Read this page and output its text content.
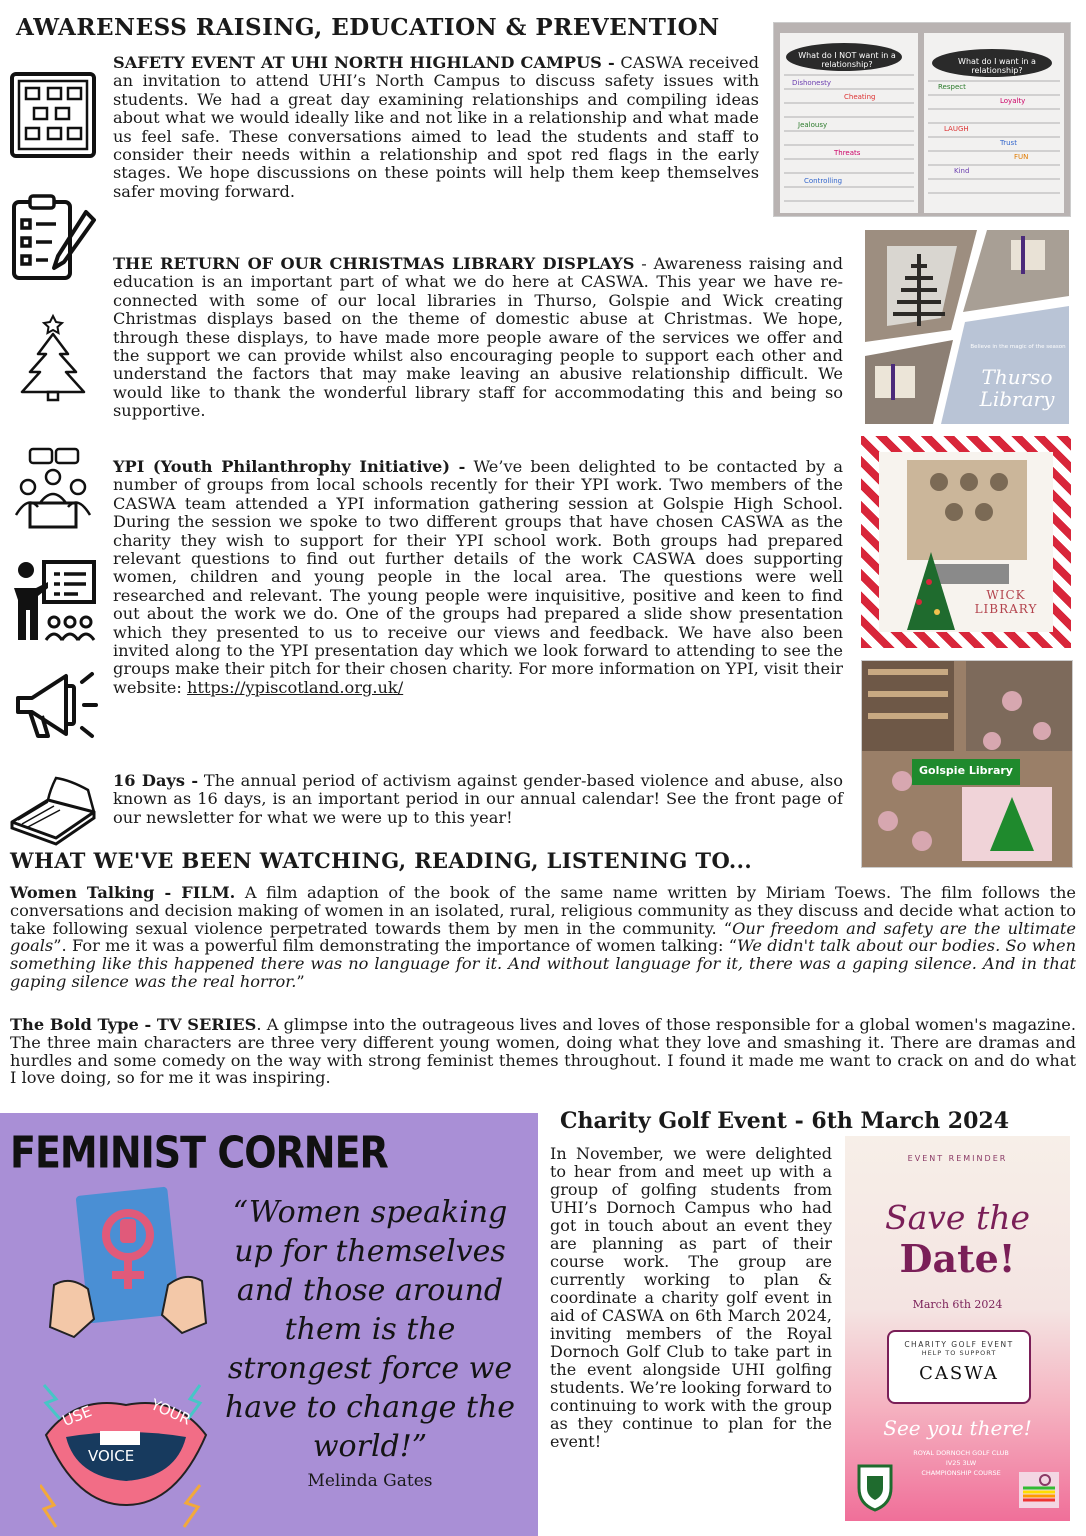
AWARENESS RAISING, EDUCATION & PREVENTION

SAFETY EVENT AT UHI NORTH HIGHLAND CAMPUS - CASWA received an invitation to attend UHI’s North Campus to discuss safety issues with students. We had a great day examining relationships and compiling ideas about what we would ideally like and not like in a relationship and what made us feel safe. These conversations aimed to lead the students and staff to consider their needs within a relationship and spot red flags in the early stages. We hope discussions on these points will help them keep themselves safer moving forward.

THE RETURN OF OUR CHRISTMAS LIBRARY DISPLAYS - Awareness raising and education is an important part of what we do here at CASWA. This year we have re-connected with some of our local libraries in Thurso, Golspie and Wick creating Christmas displays based on the theme of domestic abuse at Christmas. We hope, through these displays, to have made more people aware of the services we offer and the support we can provide whilst also encouraging people to support each other and understand the factors that may make leaving an abusive relationship difficult. We would like to thank the wonderful library staff for accommodating this and being so supportive.

YPI (Youth Philanthrophy Initiative) - We’ve been delighted to be contacted by a number of groups from local schools recently for their YPI work. Two members of the CASWA team attended a YPI information gathering session at Golspie High School. During the session we spoke to two different groups that have chosen CASWA as the charity they wish to support for their YPI school work. Both groups had prepared relevant questions to find out further details of the work CASWA does supporting women, children and young people in the local area. The questions were well researched and relevant. The young people were inquisitive, positive and keen to find out about the work we do. One of the groups had prepared a slide show presentation which they presented to us to receive our views and feedback. We have also been invited along to the YPI presentation day which we look forward to attending to see the groups make their pitch for their chosen charity. For more information on YPI, visit their website: https://ypiscotland.org.uk/

16 Days - The annual period of activism against gender-based violence and abuse, also known as 16 days, is an important period in our annual calendar! See the front page of our newsletter for what we were up to this year!

Dishonesty
Cheating
Jealousy
Threats
Controlling
Respect
Loyalty
LAUGH
Trust
Kind
FUN
What do I NOT want in a relationship?	What do I want in a relationship?
Thurso Library
Believe in the magic of the season
WICK LIBRARY
Golspie Library
WHAT WE'VE BEEN WATCHING, READING, LISTENING TO...

Women Talking - FILM. A film adaption of the book of the same name written by Miriam Toews. The film follows the conversations and decision making of women in an isolated, rural, religious community as they discuss and decide what action to take following sexual violence perpetrated towards them by men in the community. “Our freedom and safety are the ultimate goals”. For me it was a powerful film demonstrating the importance of women talking: “We didn't talk about our bodies. So when something like this happened there was no language for it. And without language for it, there was a gaping silence. And in that gaping silence was the real horror.”

The Bold Type - TV SERIES. A glimpse into the outrageous lives and loves of those responsible for a global women's magazine. The three main characters are three very different young women, doing what they love and smashing it. There are dramas and hurdles and some comedy on the way with strong feminist themes throughout. I found it made me want to crack on and do what I love doing, so for me it was inspiring.

FEMINIST CORNER
USE	YOUR
VOICE
“Women speaking up for themselves and those around them is the strongest force we have to change the world!”
Melinda Gates
Charity Golf Event - 6th March 2024

In November, we were delighted to hear from and meet up with a group of golfing students from UHI’s Dornoch Campus who had got in touch about an event they are planning as part of their course work. The group are currently working to plan & coordinate a charity golf event in aid of CASWA on 6th March 2024, inviting members of the Royal Dornoch Golf Club to take part in the event alongside UHI golfing students. We’re looking forward to continuing to work with the group as they continue to plan for the event!

EVENT REMINDER
Save the
Date!
March 6th 2024
CHARITY GOLF EVENT
HELP TO SUPPORT
CASWA
See you there!
ROYAL DORNOCH GOLF CLUB
IV25 3LW
CHAMPIONSHIP COURSE
